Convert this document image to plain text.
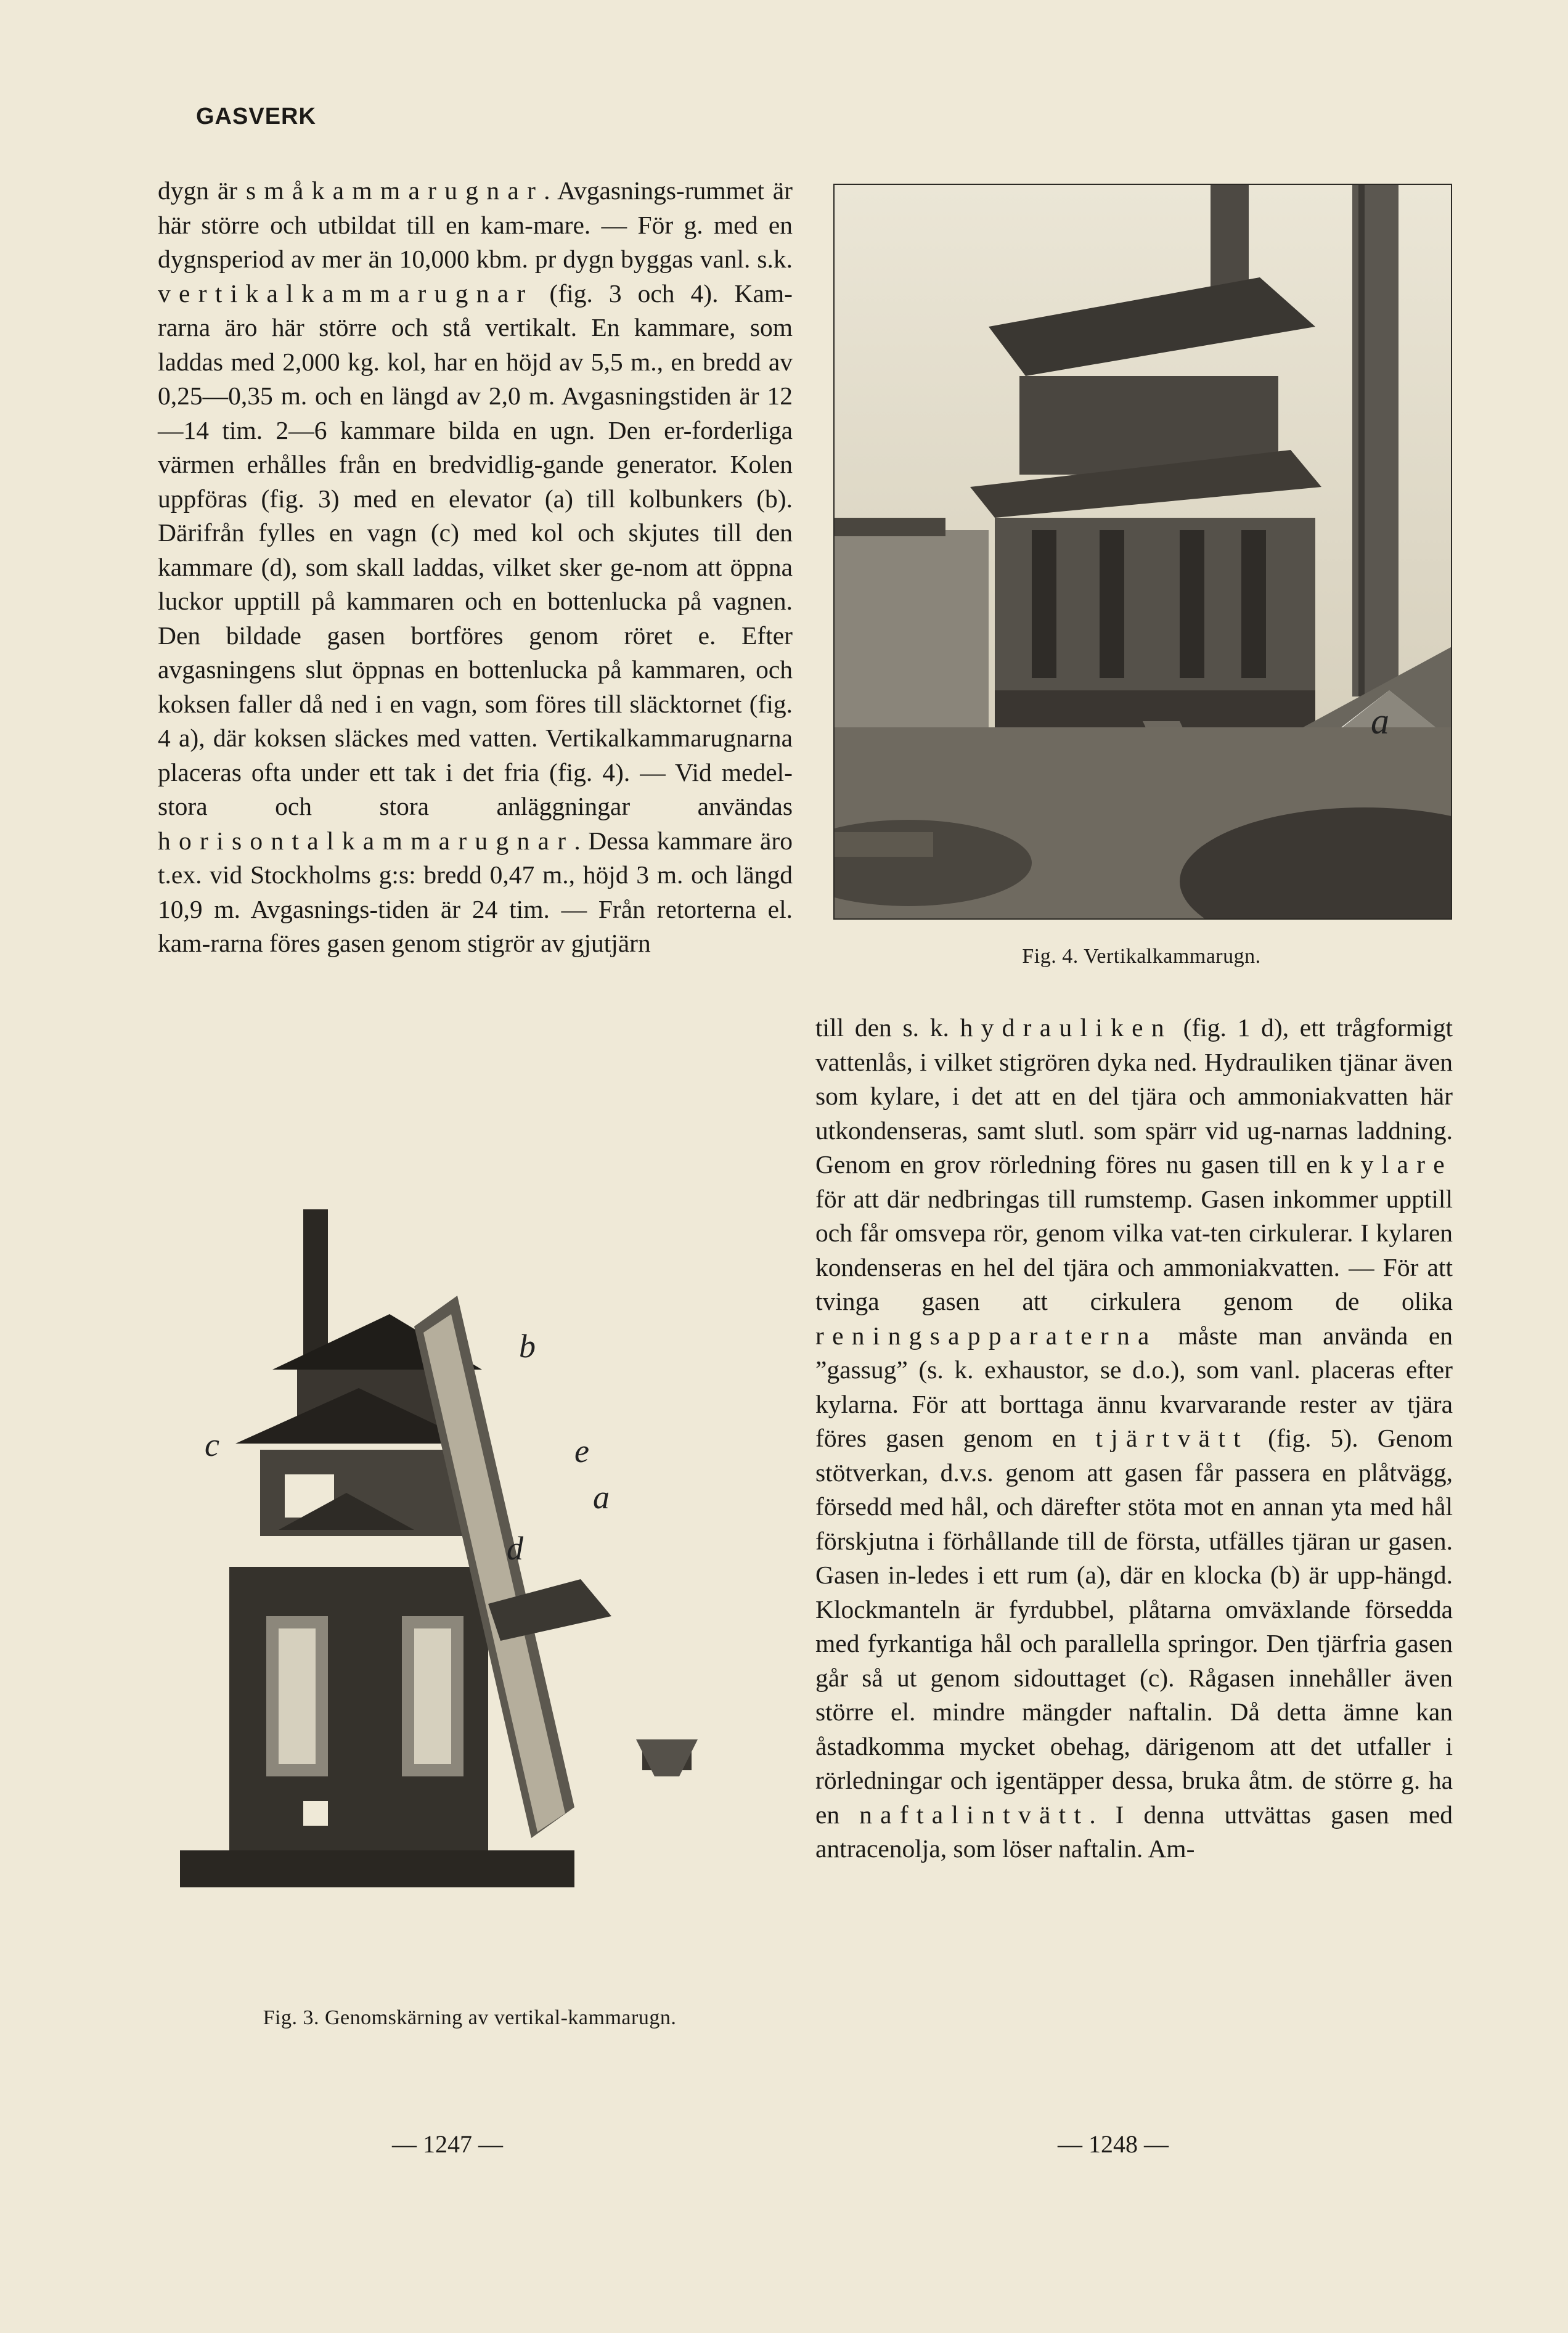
GASVERK

dygn är småkammarugnar. Avgasnings-rummet är här större och utbildat till en kam-mare. — För g. med en dygnsperiod av mer än 10,000 kbm. pr dygn byggas vanl. s.k. vertikalkammarugnar (fig. 3 och 4). Kam-rarna äro här större och stå vertikalt. En kammare, som laddas med 2,000 kg. kol, har en höjd av 5,5 m., en bredd av 0,25—0,35 m. och en längd av 2,0 m. Avgasningstiden är 12—14 tim. 2—6 kammare bilda en ugn. Den er-forderliga värmen erhålles från en bredvidlig-gande generator. Kolen uppföras (fig. 3) med en elevator (a) till kolbunkers (b). Därifrån fylles en vagn (c) med kol och skjutes till den kammare (d), som skall laddas, vilket sker ge-nom att öppna luckor upptill på kammaren och en bottenlucka på vagnen. Den bildade gasen bortföres genom röret e. Efter avgasningens slut öppnas en bottenlucka på kammaren, och koksen faller då ned i en vagn, som föres till släcktornet (fig. 4 a), där koksen släckes med vatten. Vertikalkammarugnarna placeras ofta under ett tak i det fria (fig. 4). — Vid medel-stora och stora anläggningar användas horisontalkammarugnar. Dessa kammare äro t.ex. vid Stockholms g:s: bredd 0,47 m., höjd 3 m. och längd 10,9 m. Avgasnings-tiden är 24 tim. — Från retorterna el. kam-rarna föres gasen genom stigrör av gjutjärn

a
Fig. 4. Vertikalkammarugn.
b
c	e
a
d
Fig. 3. Genomskärning av vertikal-kammarugn.

till den s. k. hydrauliken (fig. 1 d), ett trågformigt vattenlås, i vilket stigrören dyka ned. Hydrauliken tjänar även som kylare, i det att en del tjära och ammoniakvatten här utkondenseras, samt slutl. som spärr vid ug-narnas laddning. Genom en grov rörledning föres nu gasen till en kylare för att där nedbringas till rumstemp. Gasen inkommer upptill och får omsvepa rör, genom vilka vat-ten cirkulerar. I kylaren kondenseras en hel del tjära och ammoniakvatten. — För att tvinga gasen att cirkulera genom de olika reningsapparaterna måste man använda en ”gassug” (s. k. exhaustor, se d.o.), som vanl. placeras efter kylarna. För att borttaga ännu kvarvarande rester av tjära föres gasen genom en tjärtvätt (fig. 5). Genom stötverkan, d.v.s. genom att gasen får passera en plåtvägg, försedd med hål, och därefter stöta mot en annan yta med hål förskjutna i förhållande till de första, utfälles tjäran ur gasen. Gasen in-ledes i ett rum (a), där en klocka (b) är upp-hängd. Klockmanteln är fyrdubbel, plåtarna omväxlande försedda med fyrkantiga hål och parallella springor. Den tjärfria gasen går så ut genom sidouttaget (c). Rågasen innehåller även större el. mindre mängder naftalin. Då detta ämne kan åstadkomma mycket obehag, därigenom att det utfaller i rörledningar och igentäpper dessa, bruka åtm. de större g. ha en naftalintvätt. I denna uttvättas gasen med antracenolja, som löser naftalin. Am-

— 1247 —	— 1248 —
